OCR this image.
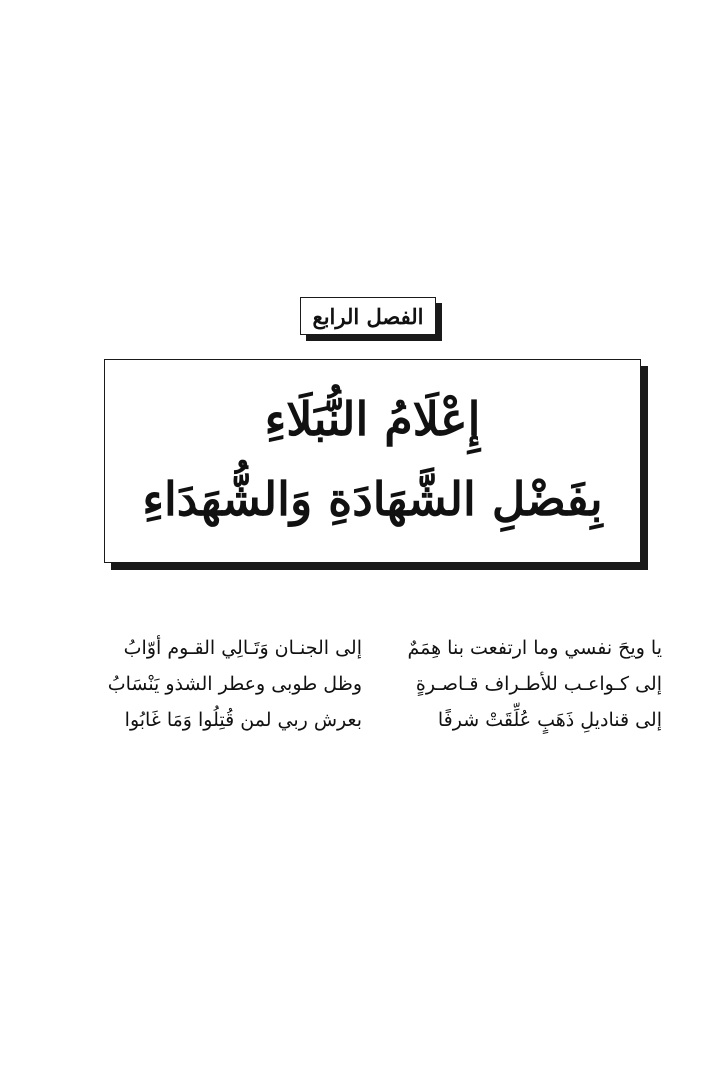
الفصل الرابع
إِعْلَامُ النُّبَلَاءِ
بِفَضْلِ الشَّهَادَةِ وَالشُّهَدَاءِ
يا ويحَ نفسي وما ارتفعت بنا هِمَمٌ
إلى الجنـان وَتَـالِي القـوم أوّابُ
إلى كـواعـب للأطـراف قـاصـرةٍ
وظل طوبى وعطر الشذو يَنْسَابُ
إلى قناديلِ ذَهَبٍ عُلِّقَتْ شرفًا
بعرش ربي لمن قُتِلُوا وَمَا غَابُوا
